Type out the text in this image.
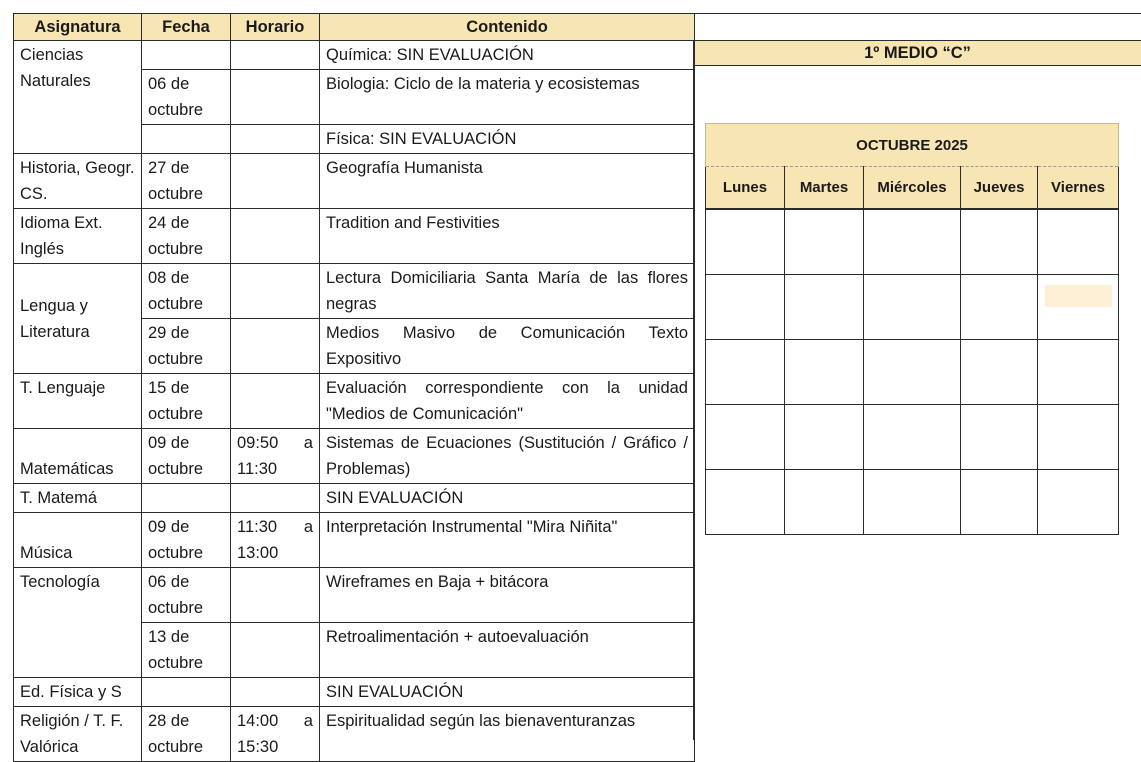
1º MEDIO “C”
Asignatura	Fecha	Horario	Contenido
Ciencias Naturales			Química: SIN EVALUACIÓN
	06 de octubre		Biologia: Ciclo de la materia y ecosistemas
			Física: SIN EVALUACIÓN
Historia, Geogr. CS.	27 de octubre		Geografía Humanista
Idioma Ext. Inglés	24 de octubre		Tradition and Festivities
Lengua y Literatura	08 de octubre		Lectura Domiciliaria Santa María de las flores negras
	29 de octubre		Medios Masivo de Comunicación Texto Expositivo
T. Lenguaje	15 de octubre		Evaluación correspondiente con la unidad "Medios de Comunicación"
Matemáticas	09 de octubre	09:50 a 11:30	Sistemas de Ecuaciones (Sustitución / Gráfico / Problemas)
T. Matemá			SIN EVALUACIÓN
Música	09 de octubre	11:30 a 13:00	Interpretación Instrumental "Mira Niñita"
Tecnología	06 de octubre		Wireframes en Baja + bitácora
	13 de octubre		Retroalimentación + autoevaluación
Ed. Física y S			SIN EVALUACIÓN
Religión / T. F. Valórica	28 de octubre	14:00 a 15:30	Espiritualidad según las bienaventuranzas
OCTUBRE 2025				
Lunes	Martes	Miércoles	Jueves	Viernes
